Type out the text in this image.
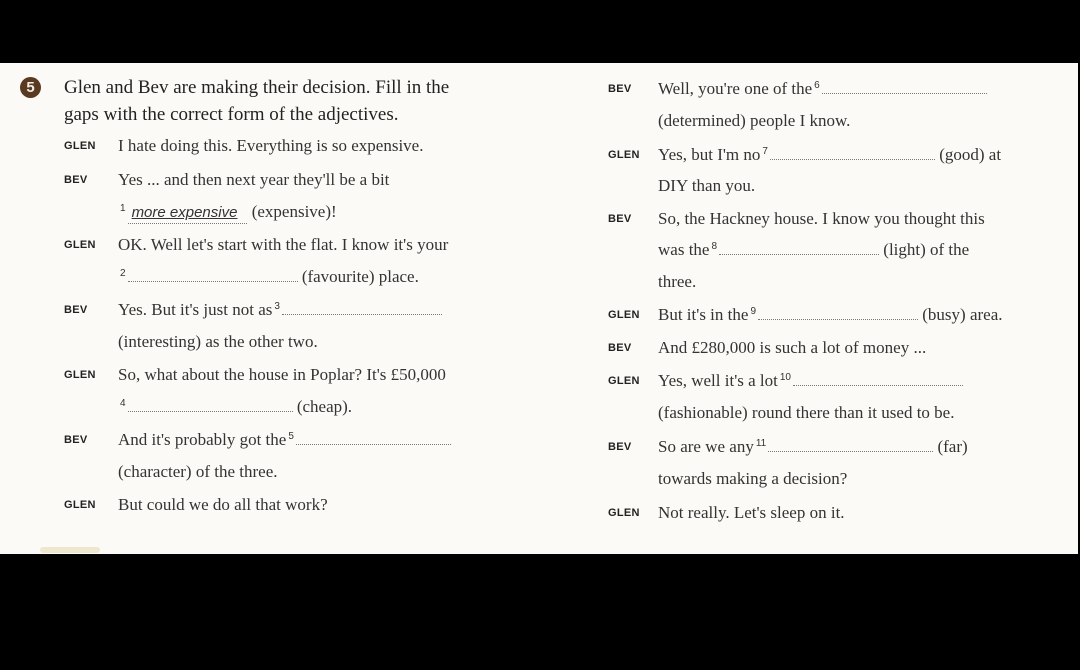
5	Glen and Bev are making their decision. Fill in the
gaps with the correct form of the adjectives.
GLEN I hate doing this. Everything is so expensive.
BEV Yes ... and then next year they'll be a bit
$^1$ more expensive (expensive)!
GLEN OK. Well let's start with the flat. I know it's your
$^2$	(favourite) place.
BEV Yes. But it's just not as $^3$
(interesting) as the other two.
GLEN So, what about the house in Poplar? It's £50,000
$^4$	(cheap).
BEV And it's probably got the $^5$
(character) of the three.
GLEN But could we do all that work?
BEV Well, you're one of the $^6$
(determined) people I know.
GLEN Yes, but I'm no $^7$	(good) at
DIY than you.
BEV So, the Hackney house. I know you thought this
was the $^8$	(light) of the
three.
GLEN But it's in the $^9$	(busy) area.
BEV And £280,000 is such a lot of money ...
GLEN Yes, well it's a lot $^{10}$
(fashionable) round there than it used to be.
BEV So are we any $^{11}$	(far)
towards making a decision?
GLEN Not really. Let's sleep on it.
